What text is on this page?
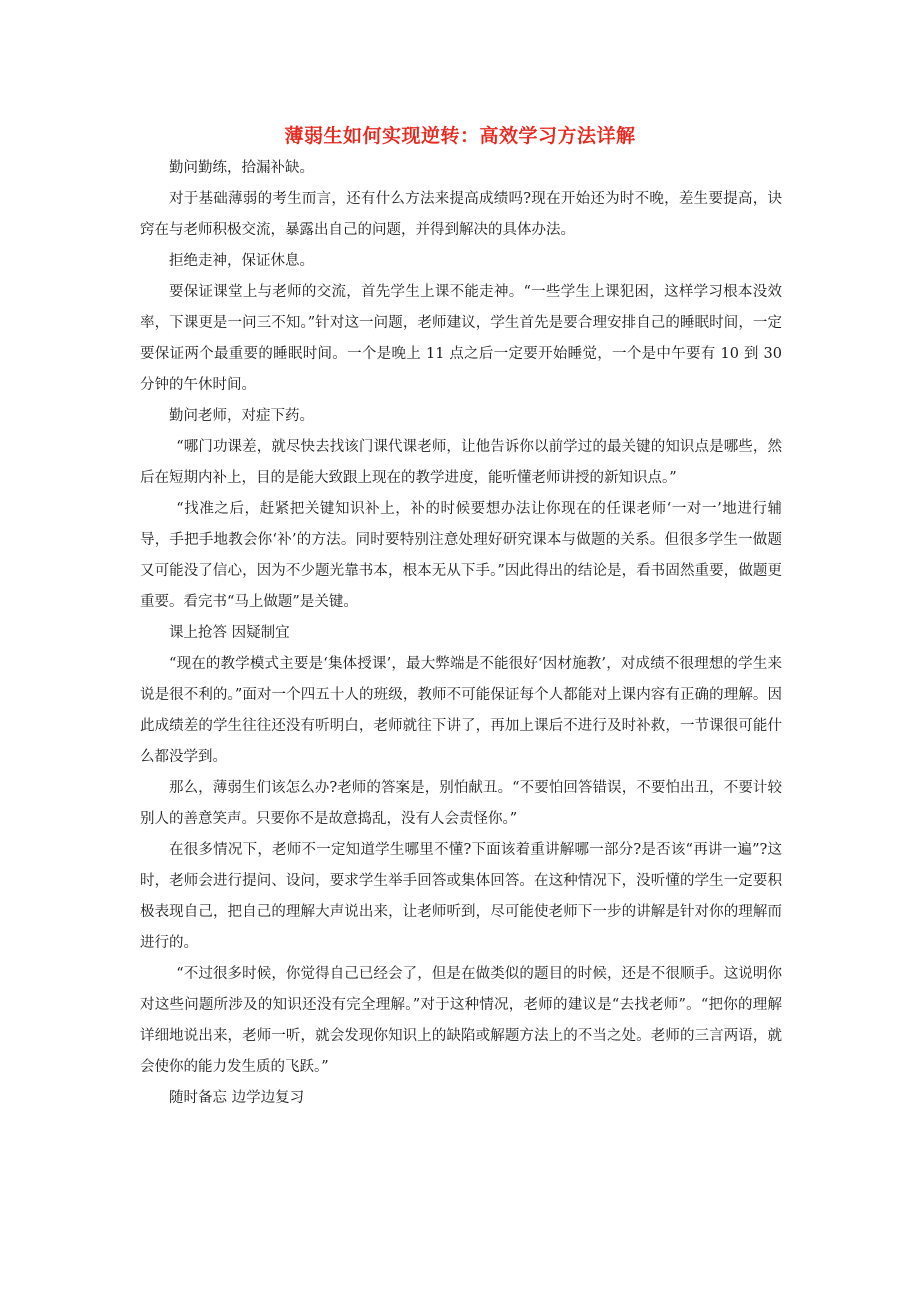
薄弱生如何实现逆转：高效学习方法详解

勤问勤练，拾漏补缺。

对于基础薄弱的考生而言，还有什么方法来提高成绩吗?现在开始还为时不晚，差生要提高，诀窍在与老师积极交流，暴露出自己的问题，并得到解决的具体办法。

拒绝走神，保证休息。

要保证课堂上与老师的交流，首先学生上课不能走神。“一些学生上课犯困，这样学习根本没效率，下课更是一问三不知。”针对这一问题，老师建议，学生首先是要合理安排自己的睡眠时间，一定要保证两个最重要的睡眠时间。一个是晚上 11 点之后一定要开始睡觉，一个是中午要有 10 到 30 分钟的午休时间。

勤问老师，对症下药。

“哪门功课差，就尽快去找该门课代课老师，让他告诉你以前学过的最关键的知识点是哪些，然后在短期内补上，目的是能大致跟上现在的教学进度，能听懂老师讲授的新知识点。”

“找准之后，赶紧把关键知识补上，补的时候要想办法让你现在的任课老师‘一对一’地进行辅导，手把手地教会你‘补’的方法。同时要特别注意处理好研究课本与做题的关系。但很多学生一做题又可能没了信心，因为不少题光靠书本，根本无从下手。”因此得出的结论是，看书固然重要，做题更重要。看完书“马上做题”是关键。

课上抢答 因疑制宜

“现在的教学模式主要是‘集体授课’，最大弊端是不能很好‘因材施教’，对成绩不很理想的学生来说是很不利的。”面对一个四五十人的班级，教师不可能保证每个人都能对上课内容有正确的理解。因此成绩差的学生往往还没有听明白，老师就往下讲了，再加上课后不进行及时补救，一节课很可能什么都没学到。

那么，薄弱生们该怎么办?老师的答案是，别怕献丑。“不要怕回答错误，不要怕出丑，不要计较别人的善意笑声。只要你不是故意捣乱，没有人会责怪你。”

在很多情况下，老师不一定知道学生哪里不懂?下面该着重讲解哪一部分?是否该“再讲一遍”?这时，老师会进行提问、设问，要求学生举手回答或集体回答。在这种情况下，没听懂的学生一定要积极表现自己，把自己的理解大声说出来，让老师听到，尽可能使老师下一步的讲解是针对你的理解而进行的。

“不过很多时候，你觉得自己已经会了，但是在做类似的题目的时候，还是不很顺手。这说明你对这些问题所涉及的知识还没有完全理解。”对于这种情况，老师的建议是“去找老师”。“把你的理解详细地说出来，老师一听，就会发现你知识上的缺陷或解题方法上的不当之处。老师的三言两语，就会使你的能力发生质的飞跃。”

随时备忘 边学边复习
